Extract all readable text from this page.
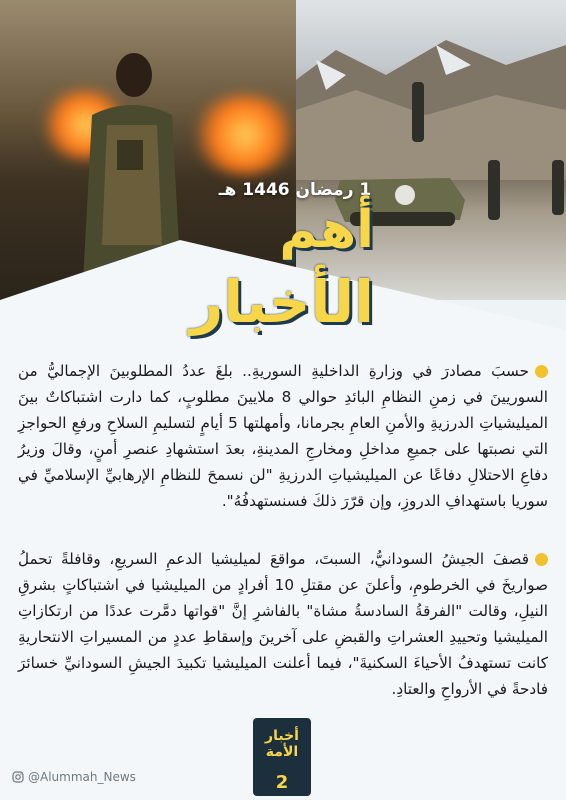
1 رمضان 1446 هـ
أهم
الأخبار
حسبَ مصادرَ في وزارةِ الداخليةِ السوريةِ.. بلغَ عددُ المطلوبينَ الإجماليُّ من السوريينَ في زمنِ النظامِ البائدِ حوالي 8 ملايينَ مطلوبٍ، كما دارت اشتباكاتٌ بينَ الميليشياتِ الدرزيةِ والأمنِ العامِ بجرمانا، وأمهلتها 5 أيامٍ لتسليمِ السلاحِ ورفعِ الحواجزِ التي نصبتها على جميعِ مداخلِ ومخارجِ المدينةِ، بعدَ استشهادِ عنصرِ أمنٍ، وقالَ وزيرُ دفاعِ الاحتلالِ دفاعًا عن الميليشياتِ الدرزيةِ "لن نسمحَ للنظامِ الإرهابيِّ الإسلاميِّ في سوريا باستهدافِ الدروزِ، وإن قرّرَ ذلكَ فسنستهدفُهُ".
قصفَ الجيشُ السودانيُّ، السبتَ، مواقعَ لميليشيا الدعمِ السريعِ، وقافلةً تحملُ صواريخَ في الخرطومِ، وأعلنَ عن مقتلِ 10 أفرادٍ من الميليشيا في اشتباكاتٍ بشرقِ النيلِ، وقالت "الفرقةُ السادسةُ مشاة" بالفاشرِ إنَّ "قواتها دمَّرت عددًا من ارتكازاتِ الميليشيا وتحييدِ العشراتِ والقبضِ على آخرينَ وإسقاطِ عددٍ من المسيراتِ الانتحاريةِ كانت تستهدفُ الأحياءَ السكنيةَ"، فيما أعلنت الميليشيا تكبيدَ الجيشِ السودانيِّ خسائرَ فادحةً في الأرواحِ والعتادِ.
أخبار الأمة
2
@Alummah_News
